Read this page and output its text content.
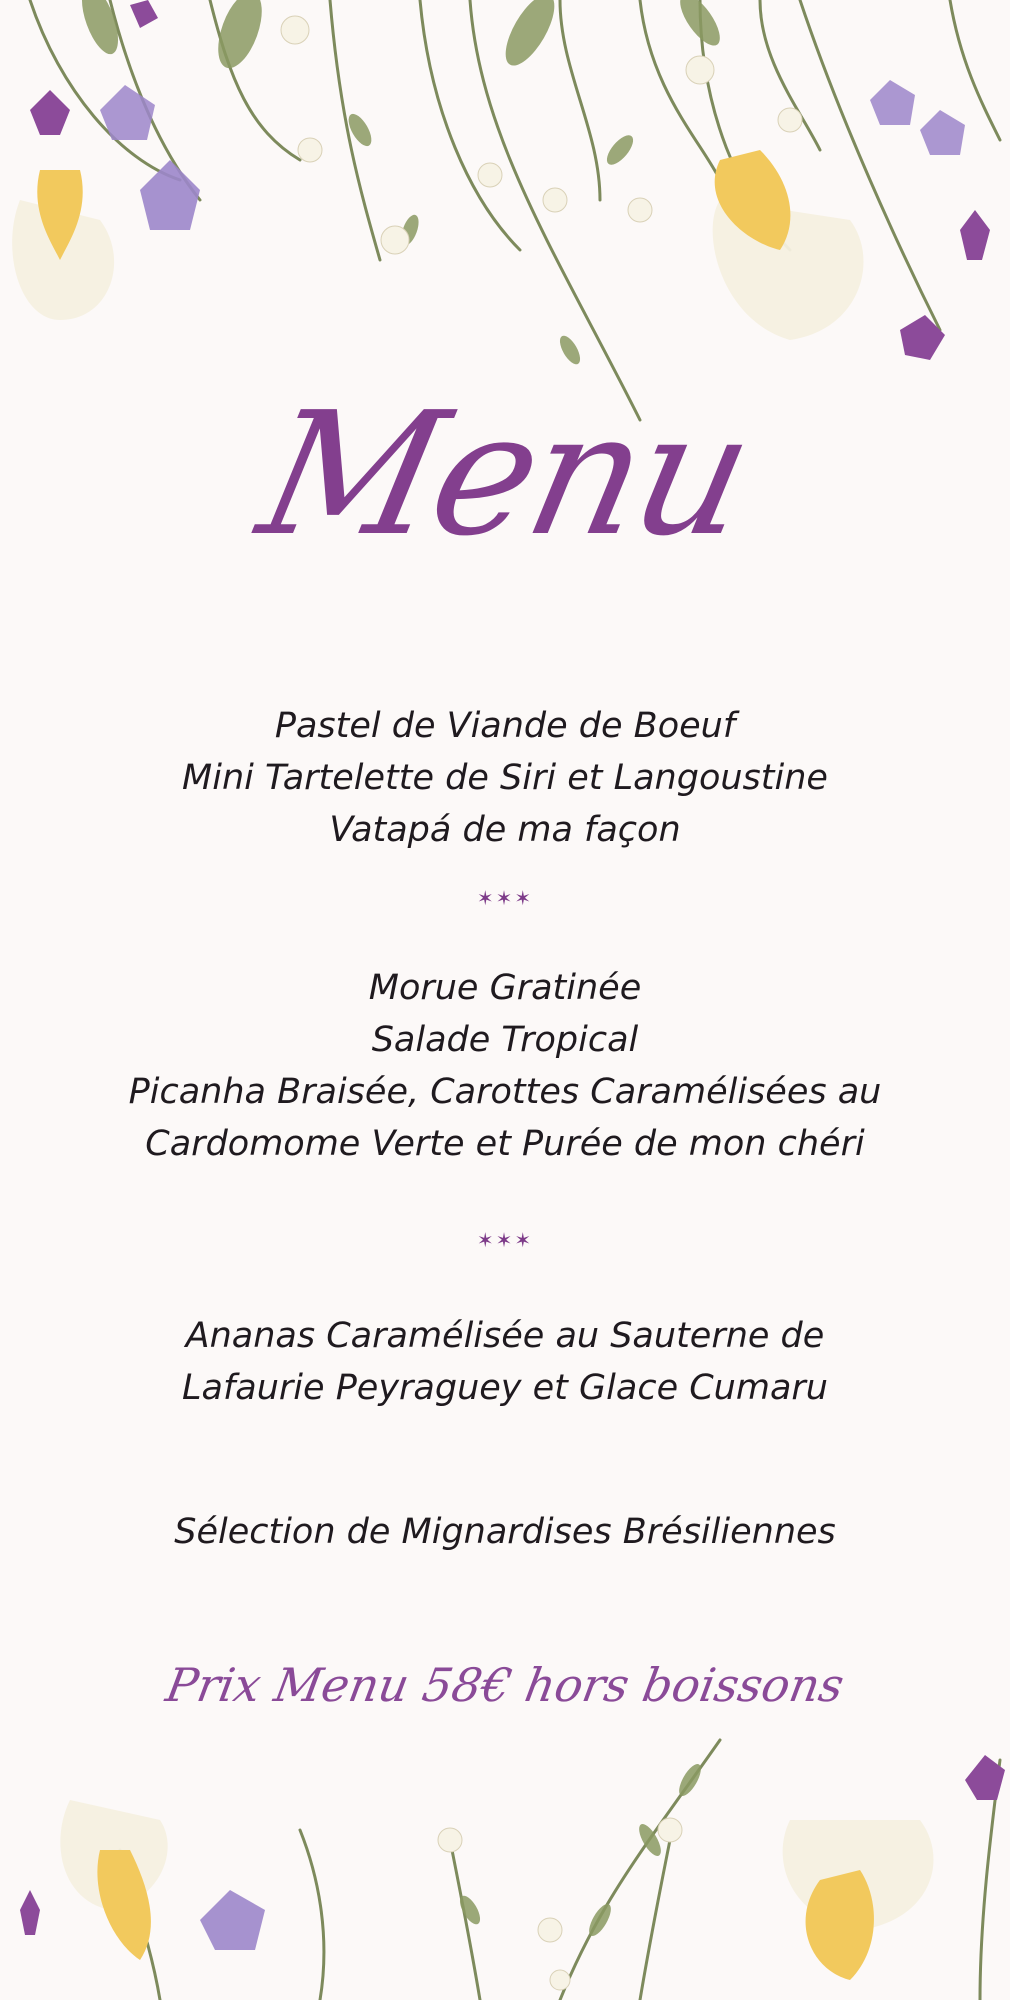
Menu
Pastel de Viande de Boeuf
Mini Tartelette de Siri et Langoustine
Vatapá de ma façon
✶✶✶
Morue Gratinée
Salade Tropical
Picanha Braisée, Carottes Caramélisées au
Cardomome Verte et Purée de mon chéri
✶✶✶
Ananas Caramélisée au Sauterne de
Lafaurie Peyraguey et Glace Cumaru
Sélection de Mignardises Brésiliennes
Prix Menu 58€ hors boissons
